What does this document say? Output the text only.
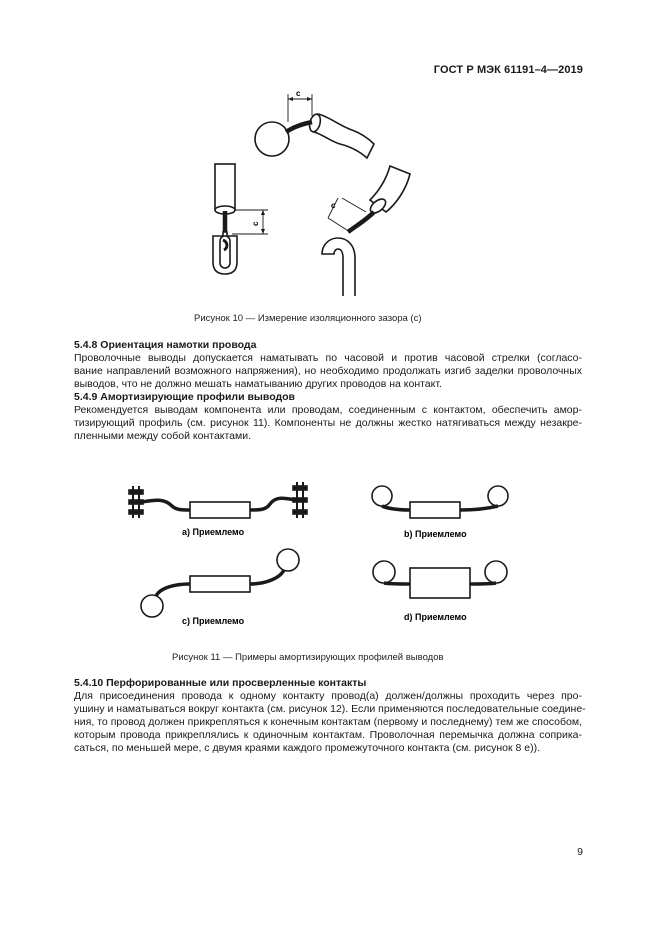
ГОСТ Р МЭК 61191–4—2019
с
с
с
Рисунок 10 — Измерение изоляционного зазора (с)
5.4.8 Ориентация намотки провода
Проволочные выводы допускается наматывать по часовой и против часовой стрелки (согласо-
вание направлений возможного напряжения), но необходимо продолжать изгиб заделки проволочных
выводов, что не должно мешать наматыванию других проводов на контакт.
5.4.9 Амортизирующие профили выводов
Рекомендуется выводам компонента или проводам, соединенным с контактом, обеспечить амор-
тизирующий профиль (см. рисунок 11). Компоненты не должны жестко натягиваться между незакре-
пленными между собой контактами.
а) Приемлемо	b) Приемлемо
с) Приемлемо	d) Приемлемо
Рисунок 11 — Примеры амортизирующих профилей выводов
5.4.10 Перфорированные или просверленные контакты
Для присоединения провода к одному контакту провод(а) должен/должны проходить через про-
ушину и наматываться вокруг контакта (см. рисунок 12). Если применяются последовательные соедине-
ния, то провод должен прикрепляться к конечным контактам (первому и последнему) тем же способом,
которым провода прикреплялись к одиночным контактам. Проволочная перемычка должна соприка-
саться, по меньшей мере, с двумя краями каждого промежуточного контакта (см. рисунок 8 е)).
9
